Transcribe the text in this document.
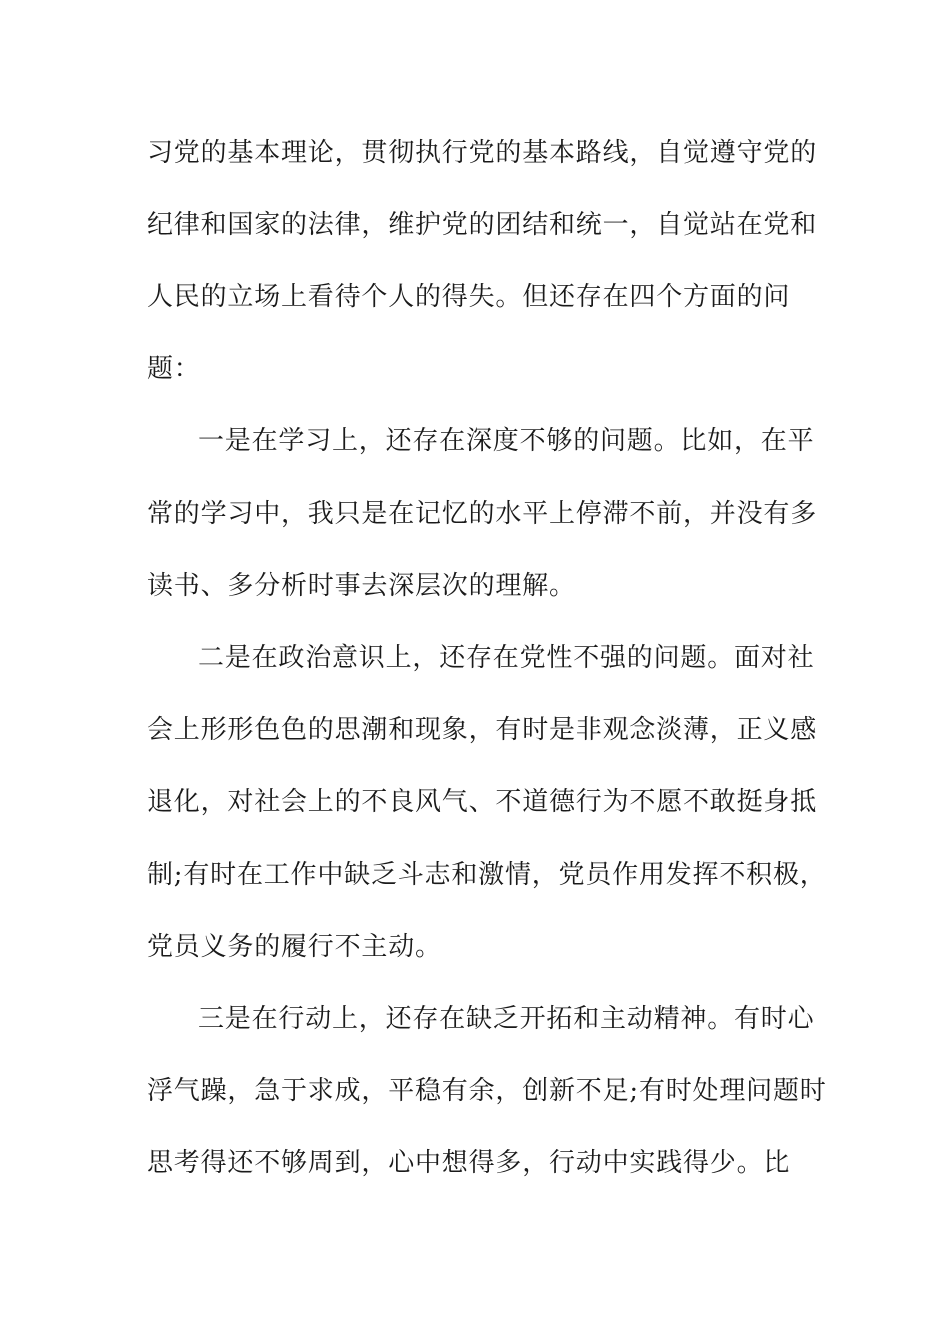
习党的基本理论，贯彻执行党的基本路线，自觉遵守党的
纪律和国家的法律，维护党的团结和统一，自觉站在党和
人民的立场上看待个人的得失。但还存在四个方面的问
题：
一是在学习上，还存在深度不够的问题。比如，在平
常的学习中，我只是在记忆的水平上停滞不前，并没有多
读书、多分析时事去深层次的理解。
二是在政治意识上，还存在党性不强的问题。面对社
会上形形色色的思潮和现象，有时是非观念淡薄，正义感
退化，对社会上的不良风气、不道德行为不愿不敢挺身抵
制;有时在工作中缺乏斗志和激情，党员作用发挥不积极，
党员义务的履行不主动。
三是在行动上，还存在缺乏开拓和主动精神。有时心
浮气躁，急于求成，平稳有余，创新不足;有时处理问题时
思考得还不够周到，心中想得多，行动中实践得少。比
